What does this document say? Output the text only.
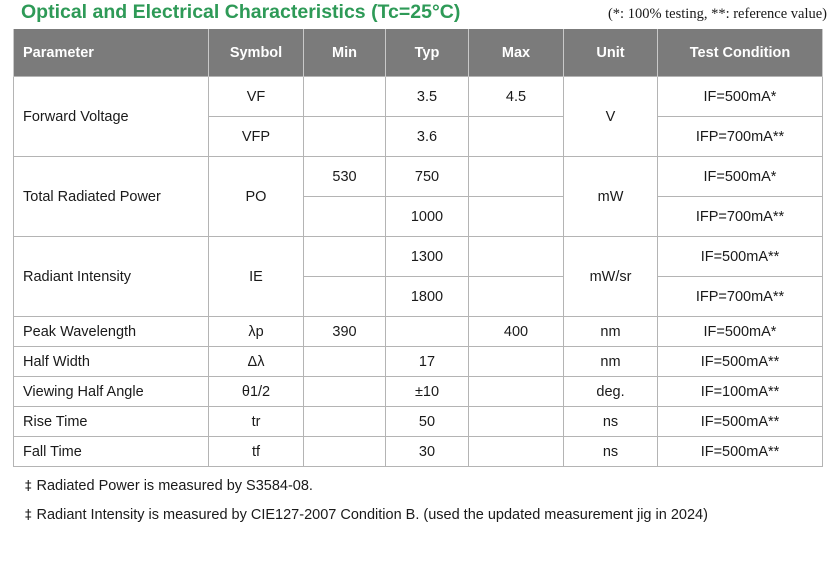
Optical and Electrical Characteristics (Tc=25°C)	(*: 100% testing, **: reference value)
Parameter	Symbol	Min	Typ	Max	Unit	Test Condition
Forward Voltage	VF		3.5	4.5	V	IF=500mA*
	VFP		3.6			IFP=700mA**
Total Radiated Power	PO	530	750		mW	IF=500mA*
			1000			IFP=700mA**
Radiant Intensity	IE		1300		mW/sr	IF=500mA**
			1800			IFP=700mA**
Peak Wavelength	λp	390		400	nm	IF=500mA*
Half Width	Δλ		17		nm	IF=500mA**
Viewing Half Angle	θ1/2		±10		deg.	IF=100mA**
Rise Time	tr		50		ns	IF=500mA**
Fall Time	tf		30		ns	IF=500mA**
‡ Radiated Power is measured by S3584-08.
‡ Radiant Intensity is measured by CIE127-2007 Condition B. (used the updated measurement jig in 2024)
